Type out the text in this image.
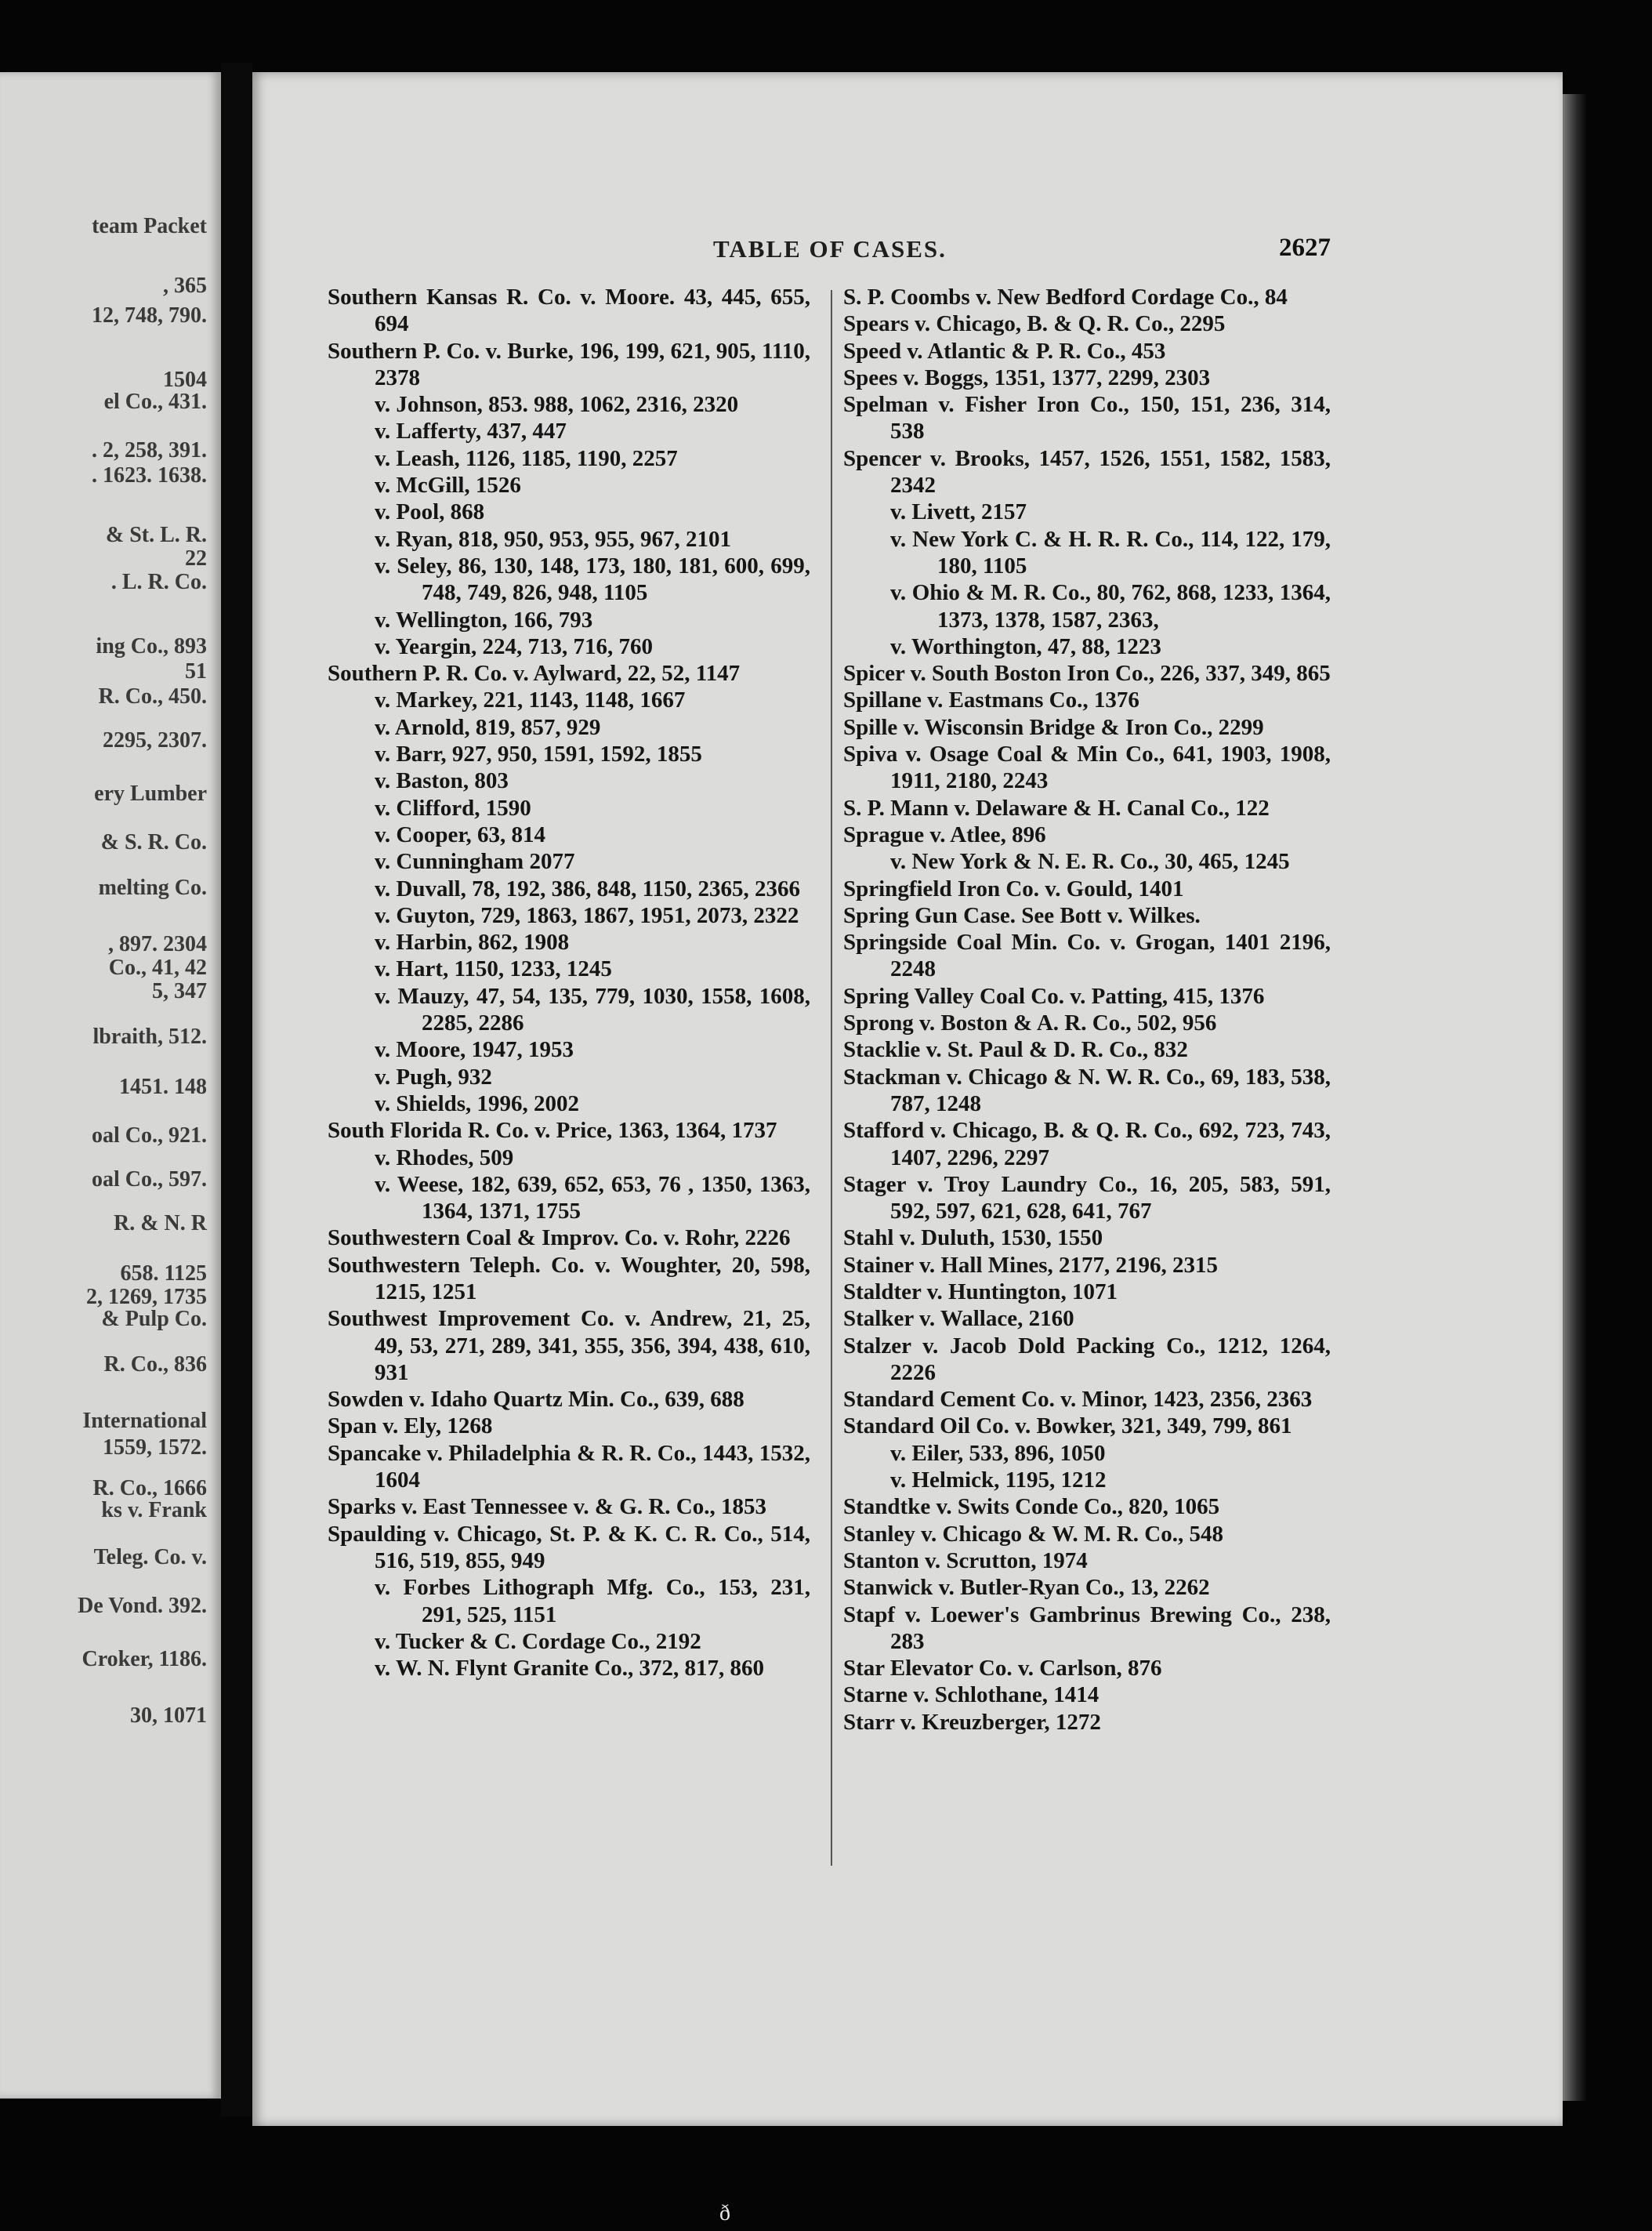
team Packet
, 365
12, 748, 790.
1504
el Co., 431.
. 2, 258, 391.
. 1623. 1638.
& St. L. R.
22
. L. R. Co.
ing Co., 893
51
R. Co., 450.
2295, 2307.
ery Lumber
& S. R. Co.
melting Co.
, 897. 2304
Co., 41, 42
5, 347
lbraith, 512.
1451. 148
oal Co., 921.
oal Co., 597.
R. & N. R
658. 1125
2, 1269, 1735
& Pulp Co.
R. Co., 836
International
1559, 1572.
R. Co., 1666
ks v. Frank
Teleg. Co. v.
De Vond. 392.
Croker, 1186.
30, 1071
TABLE OF CASES.	2627
Southern Kansas R. Co. v. Moore. 43, 445, 655, 694
Southern P. Co. v. Burke, 196, 199, 621, 905, 1110, 2378
v. Johnson, 853. 988, 1062, 2316, 2320
v. Lafferty, 437, 447
v. Leash, 1126, 1185, 1190, 2257
v. McGill, 1526
v. Pool, 868
v. Ryan, 818, 950, 953, 955, 967, 2101
v. Seley, 86, 130, 148, 173, 180, 181, 600, 699, 748, 749, 826, 948, 1105
v. Wellington, 166, 793
v. Yeargin, 224, 713, 716, 760
Southern P. R. Co. v. Aylward, 22, 52, 1147
v. Markey, 221, 1143, 1148, 1667
v. Arnold, 819, 857, 929
v. Barr, 927, 950, 1591, 1592, 1855
v. Baston, 803
v. Clifford, 1590
v. Cooper, 63, 814
v. Cunningham 2077
v. Duvall, 78, 192, 386, 848, 1150, 2365, 2366
v. Guyton, 729, 1863, 1867, 1951, 2073, 2322
v. Harbin, 862, 1908
v. Hart, 1150, 1233, 1245
v. Mauzy, 47, 54, 135, 779, 1030, 1558, 1608, 2285, 2286
v. Moore, 1947, 1953
v. Pugh, 932
v. Shields, 1996, 2002
South Florida R. Co. v. Price, 1363, 1364, 1737
v. Rhodes, 509
v. Weese, 182, 639, 652, 653, 76 , 1350, 1363, 1364, 1371, 1755
Southwestern Coal & Improv. Co. v. Rohr, 2226
Southwestern Teleph. Co. v. Woughter, 20, 598, 1215, 1251
Southwest Improvement Co. v. Andrew, 21, 25, 49, 53, 271, 289, 341, 355, 356, 394, 438, 610, 931
Sowden v. Idaho Quartz Min. Co., 639, 688
Span v. Ely, 1268
Spancake v. Philadelphia & R. R. Co., 1443, 1532, 1604
Sparks v. East Tennessee v. & G. R. Co., 1853
Spaulding v. Chicago, St. P. & K. C. R. Co., 514, 516, 519, 855, 949
v. Forbes Lithograph Mfg. Co., 153, 231, 291, 525, 1151
v. Tucker & C. Cordage Co., 2192
v. W. N. Flynt Granite Co., 372, 817, 860
S. P. Coombs v. New Bedford Cordage Co., 84
Spears v. Chicago, B. & Q. R. Co., 2295
Speed v. Atlantic & P. R. Co., 453
Spees v. Boggs, 1351, 1377, 2299, 2303
Spelman v. Fisher Iron Co., 150, 151, 236, 314, 538
Spencer v. Brooks, 1457, 1526, 1551, 1582, 1583, 2342
v. Livett, 2157
v. New York C. & H. R. R. Co., 114, 122, 179, 180, 1105
v. Ohio & M. R. Co., 80, 762, 868, 1233, 1364, 1373, 1378, 1587, 2363,
v. Worthington, 47, 88, 1223
Spicer v. South Boston Iron Co., 226, 337, 349, 865
Spillane v. Eastmans Co., 1376
Spille v. Wisconsin Bridge & Iron Co., 2299
Spiva v. Osage Coal & Min Co., 641, 1903, 1908, 1911, 2180, 2243
S. P. Mann v. Delaware & H. Canal Co., 122
Sprague v. Atlee, 896
v. New York & N. E. R. Co., 30, 465, 1245
Springfield Iron Co. v. Gould, 1401
Spring Gun Case. See Bott v. Wilkes.
Springside Coal Min. Co. v. Grogan, 1401 2196, 2248
Spring Valley Coal Co. v. Patting, 415, 1376
Sprong v. Boston & A. R. Co., 502, 956
Stacklie v. St. Paul & D. R. Co., 832
Stackman v. Chicago & N. W. R. Co., 69, 183, 538, 787, 1248
Stafford v. Chicago, B. & Q. R. Co., 692, 723, 743, 1407, 2296, 2297
Stager v. Troy Laundry Co., 16, 205, 583, 591, 592, 597, 621, 628, 641, 767
Stahl v. Duluth, 1530, 1550
Stainer v. Hall Mines, 2177, 2196, 2315
Staldter v. Huntington, 1071
Stalker v. Wallace, 2160
Stalzer v. Jacob Dold Packing Co., 1212, 1264, 2226
Standard Cement Co. v. Minor, 1423, 2356, 2363
Standard Oil Co. v. Bowker, 321, 349, 799, 861
v. Eiler, 533, 896, 1050
v. Helmick, 1195, 1212
Standtke v. Swits Conde Co., 820, 1065
Stanley v. Chicago & W. M. R. Co., 548
Stanton v. Scrutton, 1974
Stanwick v. Butler-Ryan Co., 13, 2262
Stapf v. Loewer's Gambrinus Brewing Co., 238, 283
Star Elevator Co. v. Carlson, 876
Starne v. Schlothane, 1414
Starr v. Kreuzberger, 1272
ð
